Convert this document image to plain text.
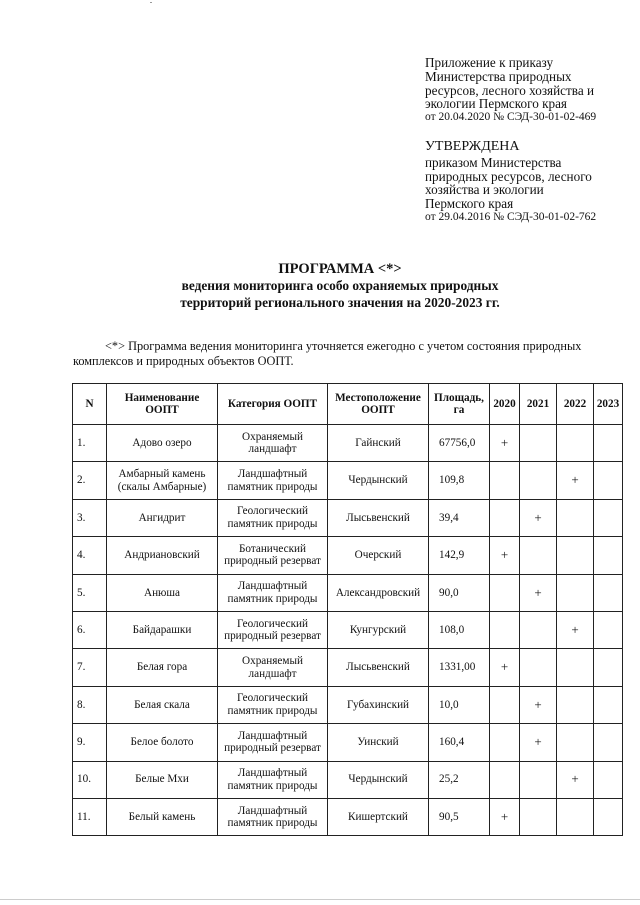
Приложение к приказу
Министерства природных
ресурсов, лесного хозяйства и
экологии Пермского края
от 20.04.2020 № СЭД-30-01-02-469
УТВЕРЖДЕНА
приказом Министерства
природных ресурсов, лесного
хозяйства и экологии
Пермского края
от 29.04.2016 № СЭД-30-01-02-762
ПРОГРАММА <*>
ведения мониторинга особо охраняемых природных
территорий регионального значения на 2020-2023 гг.
<*> Программа ведения мониторинга уточняется ежегодно с учетом состояния природных комплексов и природных объектов ООПТ.
N	Наименование ООПТ	Категория ООПТ	Местоположение ООПТ	Площадь, га	2020	2021	2022	2023
1.	Адово озеро	Охраняемый ландшафт	Гайнский	67756,0	+			
2.	Амбарный камень (скалы Амбарные)	Ландшафтный памятник природы	Чердынский	109,8			+	
3.	Ангидрит	Геологический памятник природы	Лысьвенский	39,4		+		
4.	Андриановский	Ботанический природный резерват	Очерский	142,9	+			
5.	Анюша	Ландшафтный памятник природы	Александровский	90,0		+		
6.	Байдарашки	Геологический природный резерват	Кунгурский	108,0			+	
7.	Белая гора	Охраняемый ландшафт	Лысьвенский	1331,00	+			
8.	Белая скала	Геологический памятник природы	Губахинский	10,0		+		
9.	Белое болото	Ландшафтный природный резерват	Уинский	160,4		+		
10.	Белые Мхи	Ландшафтный памятник природы	Чердынский	25,2			+	
11.	Белый камень	Ландшафтный памятник природы	Кишертский	90,5	+			
